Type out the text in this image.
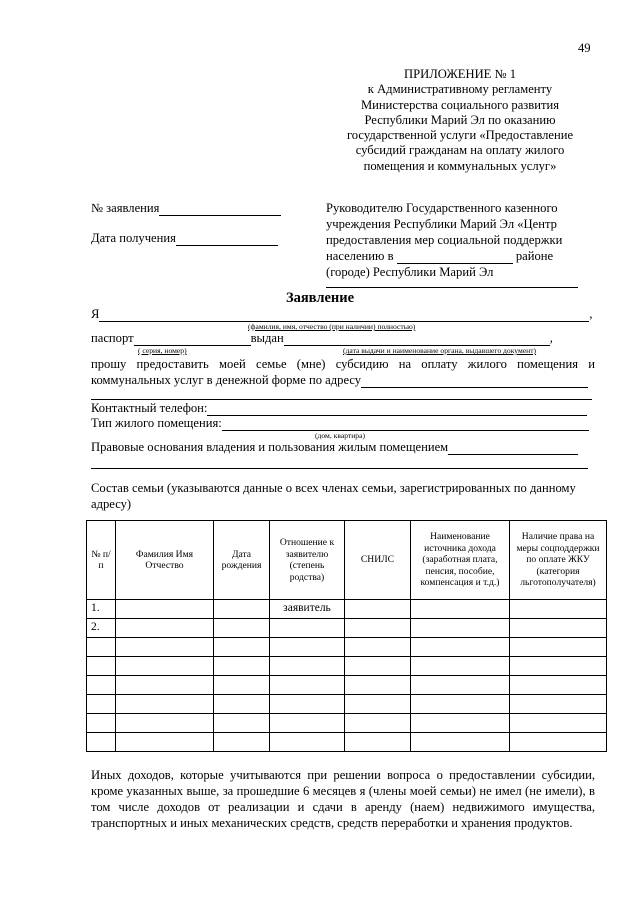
49
ПРИЛОЖЕНИЕ № 1
к Административному регламенту
Министерства социального развития
Республики Марий Эл по оказанию
государственной услуги «Предоставление
субсидий гражданам на оплату жилого
помещения и коммунальных услуг»
№ заявления
Дата получения
Руководителю Государственного казенного
учреждения Республики Марий Эл «Центр
предоставления мер социальной поддержки
населению в	районе
(городе) Республики Марий Эл
Заявление
Я	,
(фамилия, имя, отчество (при наличии) полностью)
паспорт	выдан	,
( серия, номер)	(дата выдачи и наименование органа, выдавшего документ)
прошу предоставить моей семье (мне) субсидию на оплату жилого помещения и
коммунальных услуг в денежной форме по адресу
Контактный телефон:
Тип жилого помещения:
(дом, квартира)
Правовые основания владения и пользования жилым помещением
Состав семьи (указываются данные о всех членах семьи, зарегистрированных по данному
адресу)
№ п/п	Фамилия Имя Отчество	Дата рождения	Отношение к заявителю (степень родства)	СНИЛС	Наименование источника дохода (заработная плата, пенсия, пособие, компенсация и т.д.)	Наличие права на меры соцподдержки по оплате ЖКУ (категория льготополучателя)
1.			заявитель			
2.						

Иных доходов, которые учитываются при решении вопроса о предоставлении субсидии, кроме указанных выше, за прошедшие 6 месяцев я (члены моей семьи) не имел (не имели), в том числе доходов от реализации и сдачи в аренду (наем) недвижимого имущества, транспортных и иных механических средств, средств переработки и хранения продуктов.
